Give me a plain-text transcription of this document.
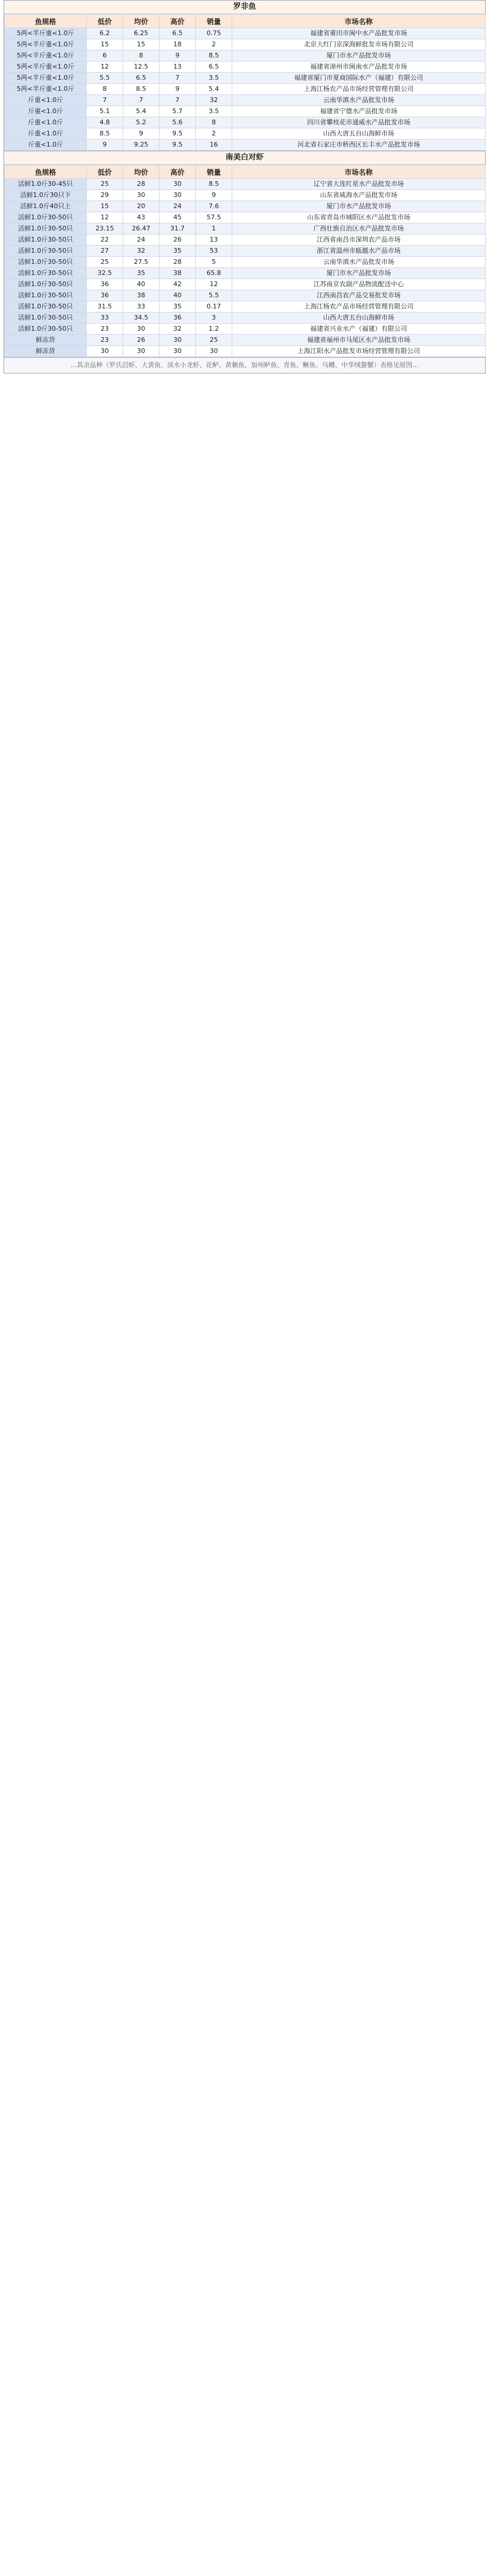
罗非鱼
鱼规格	低价	均价	高价	销量	市场名称
5两<半斤重<1.0斤	6.2	6.25	6.5	0.75	福建省莆田市闽中水产品批发市场
5两<半斤重<1.0斤	15	15	18	2	北京大红门京深海鲜批发市场有限公司
5两<半斤重<1.0斤	6	8	9	8.5	厦门市水产品批发市场
5两<半斤重<1.0斤	12	12.5	13	6.5	福建省漳州市闽南水产品批发市场
5两<半斤重<1.0斤	5.5	6.5	7	3.5	福建省厦门市夏商国际水产（福建）有限公司
5两<半斤重<1.0斤	8	8.5	9	5.4	上海江杨农产品市场经营管理有限公司
斤重<1.0斤	7	7	7	32	云南华滇水产品批发市场
斤重<1.0斤	5.1	5.4	5.7	3.5	福建省宁德水产品批发市场
斤重<1.0斤	4.8	5.2	5.6	8	四川省攀枝花市通威水产品批发市场
斤重<1.0斤	8.5	9	9.5	2	山西大唐五台山海鲜市场
斤重<1.0斤	9	9.25	9.5	16	河北省石家庄市桥西区长丰水产品批发市场
南美白对虾
鱼规格	低价	均价	高价	销量	市场名称
活鲜1.0斤30-45只	25	28	30	8.5	辽宁省大连红星水产品批发市场
活鲜1.0斤30只下	29	30	30	9	山东省威海水产品批发市场
活鲜1.0斤40只上	15	20	24	7.6	厦门市水产品批发市场
活鲜1.0斤30-50只	12	43	45	57.5	山东省青岛市城阳区水产品批发市场
活鲜1.0斤30-50只	23.15	26.47	31.7	1	广西壮族自治区水产品批发市场
活鲜1.0斤30-50只	22	24	26	13	江西省南昌市深圳农产品市场
活鲜1.0斤30-50只	27	32	35	53	浙江省温州市瓯越水产品市场
活鲜1.0斤30-50只	25	27.5	28	5	云南华滇水产品批发市场
活鲜1.0斤30-50只	32.5	35	38	65.8	厦门市水产品批发市场
活鲜1.0斤30-50只	36	40	42	12	江苏南京农副产品物流配送中心
活鲜1.0斤30-50只	36	38	40	5.5	江西南昌农产品交易批发市场
活鲜1.0斤30-50只	31.5	33	35	0.17	上海江杨农产品市场经营管理有限公司
活鲜1.0斤30-50只	33	34.5	36	3	山西大唐五台山海鲜市场
活鲜1.0斤30-50只	23	30	32	1.2	福建省兴业水产（福建）有限公司
鲜冻货	23	26	30	25	福建省福州市马尾区水产品批发市场
鲜冻货	30	30	30	30	上海江阳水产品批发市场经营管理有限公司
…其余品种（罗氏沼虾、大黄鱼、淡水小龙虾、花鲈、黄颡鱼、加州鲈鱼、青鱼、鳜鱼、乌鳢、中华绒螯蟹）表格见原图…
